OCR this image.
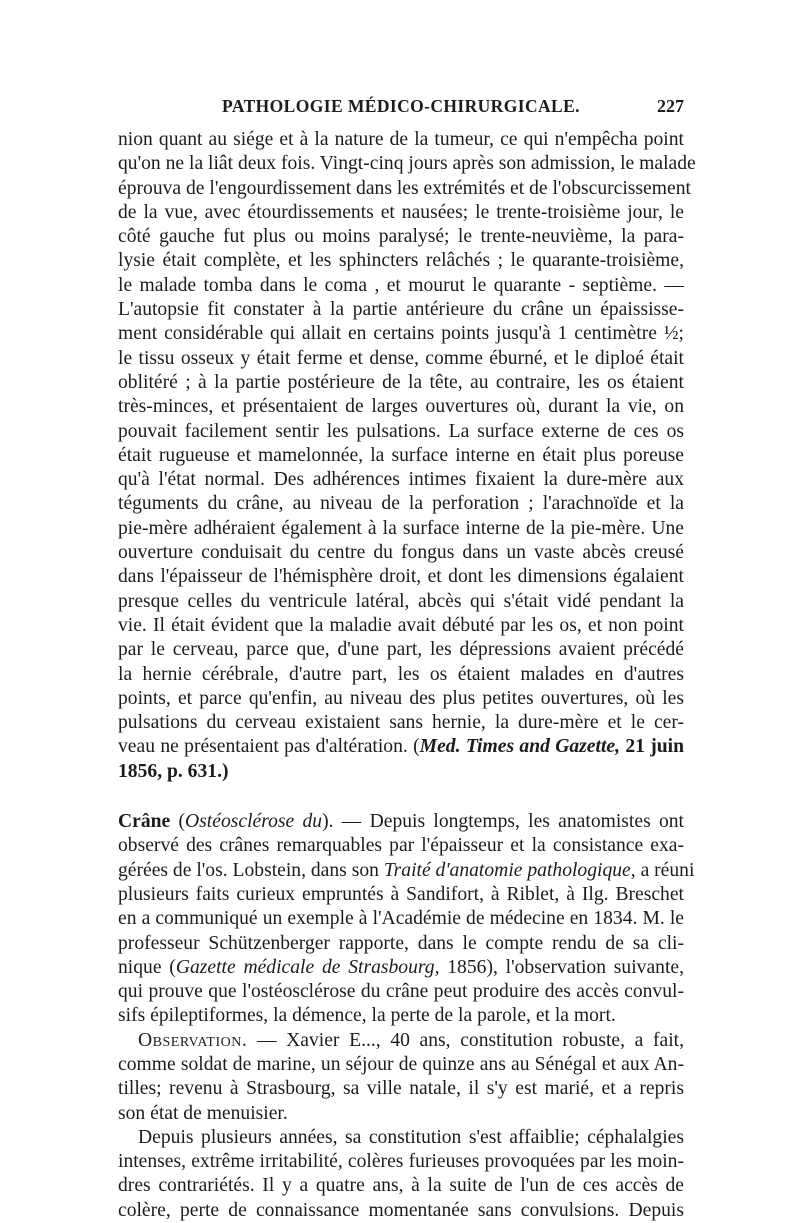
PATHOLOGIE MÉDICO-CHIRURGICALE.	227
nion quant au siége et à la nature de la tumeur, ce qui n'empêcha point
qu'on ne la liât deux fois. Vingt-cinq jours après son admission, le malade
éprouva de l'engourdissement dans les extrémités et de l'obscurcissement
de la vue, avec étourdissements et nausées; le trente-troisième jour, le
côté gauche fut plus ou moins paralysé; le trente-neuvième, la para-
lysie était complète, et les sphincters relâchés ; le quarante-troisième,
le malade tomba dans le coma , et mourut le quarante - septième. —
L'autopsie fit constater à la partie antérieure du crâne un épaississe-
ment considérable qui allait en certains points jusqu'à 1 centimètre ½;
le tissu osseux y était ferme et dense, comme éburné, et le diploé était
oblitéré ; à la partie postérieure de la tête, au contraire, les os étaient
très-minces, et présentaient de larges ouvertures où, durant la vie, on
pouvait facilement sentir les pulsations. La surface externe de ces os
était rugueuse et mamelonnée, la surface interne en était plus poreuse
qu'à l'état normal. Des adhérences intimes fixaient la dure-mère aux
téguments du crâne, au niveau de la perforation ; l'arachnoïde et la
pie-mère adhéraient également à la surface interne de la pie-mère. Une
ouverture conduisait du centre du fongus dans un vaste abcès creusé
dans l'épaisseur de l'hémisphère droit, et dont les dimensions égalaient
presque celles du ventricule latéral, abcès qui s'était vidé pendant la
vie. Il était évident que la maladie avait débuté par les os, et non point
par le cerveau, parce que, d'une part, les dépressions avaient précédé
la hernie cérébrale, d'autre part, les os étaient malades en d'autres
points, et parce qu'enfin, au niveau des plus petites ouvertures, où les
pulsations du cerveau existaient sans hernie, la dure-mère et le cer-
veau ne présentaient pas d'altération. (Med. Times and Gazette, 21 juin
1856, p. 631.)
Crâne (Ostéosclérose du). — Depuis longtemps, les anatomistes ont
observé des crânes remarquables par l'épaisseur et la consistance exa-
gérées de l'os. Lobstein, dans son Traité d'anatomie pathologique, a réuni
plusieurs faits curieux empruntés à Sandifort, à Riblet, à Ilg. Breschet
en a communiqué un exemple à l'Académie de médecine en 1834. M. le
professeur Schützenberger rapporte, dans le compte rendu de sa cli-
nique (Gazette médicale de Strasbourg, 1856), l'observation suivante,
qui prouve que l'ostéosclérose du crâne peut produire des accès convul-
sifs épileptiformes, la démence, la perte de la parole, et la mort.
Observation. — Xavier E..., 40 ans, constitution robuste, a fait,
comme soldat de marine, un séjour de quinze ans au Sénégal et aux An-
tilles; revenu à Strasbourg, sa ville natale, il s'y est marié, et a repris
son état de menuisier.
Depuis plusieurs années, sa constitution s'est affaiblie; céphalalgies
intenses, extrême irritabilité, colères furieuses provoquées par les moin-
dres contrariétés. Il y a quatre ans, à la suite de l'un de ces accès de
colère, perte de connaissance momentanée sans convulsions. Depuis
